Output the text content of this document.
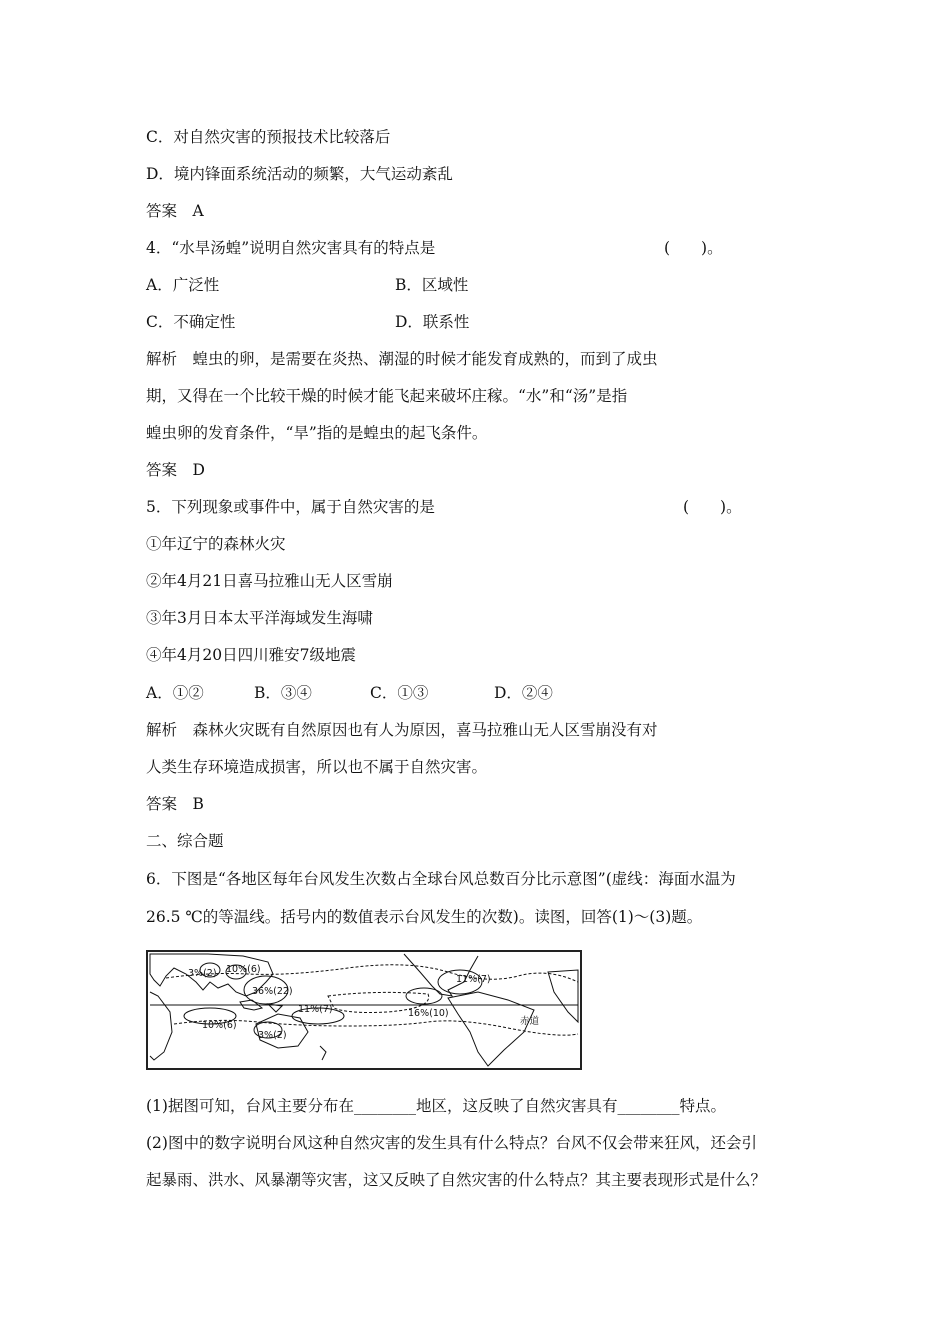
C．对自然灾害的预报技术比较落后
D．境内锋面系统活动的频繁，大气运动紊乱
答案　A
4．“水旱汤蝗”说明自然灾害具有的特点是	(　　)。
A．广泛性	B．区域性
C．不确定性	D．联系性
解析　蝗虫的卵，是需要在炎热、潮湿的时候才能发育成熟的，而到了成虫
期，又得在一个比较干燥的时候才能飞起来破坏庄稼。“水”和“汤”是指
蝗虫卵的发育条件，“旱”指的是蝗虫的起飞条件。
答案　D
5．下列现象或事件中，属于自然灾害的是	(　　)。
①年辽宁的森林火灾
②年4月21日喜马拉雅山无人区雪崩
③年3月日本太平洋海域发生海啸
④年4月20日四川雅安7级地震
A．①②	B．③④	C．①③	D．②④
解析　森林火灾既有自然原因也有人为原因，喜马拉雅山无人区雪崩没有对
人类生存环境造成损害，所以也不属于自然灾害。
答案　B
二、综合题
6．下图是“各地区每年台风发生次数占全球台风总数百分比示意图”(虚线：海面水温为
26.5 ℃的等温线。括号内的数值表示台风发生的次数)。读图，回答(1)～(3)题。
3%(2) 10%(6)
36%(22)
11%(7)
10%(6)
3%(2)
16%(10)
11%(7)
赤道
(1)据图可知，台风主要分布在________地区，这反映了自然灾害具有________特点。
(2)图中的数字说明台风这种自然灾害的发生具有什么特点？台风不仅会带来狂风，还会引
起暴雨、洪水、风暴潮等灾害，这又反映了自然灾害的什么特点？其主要表现形式是什么？
